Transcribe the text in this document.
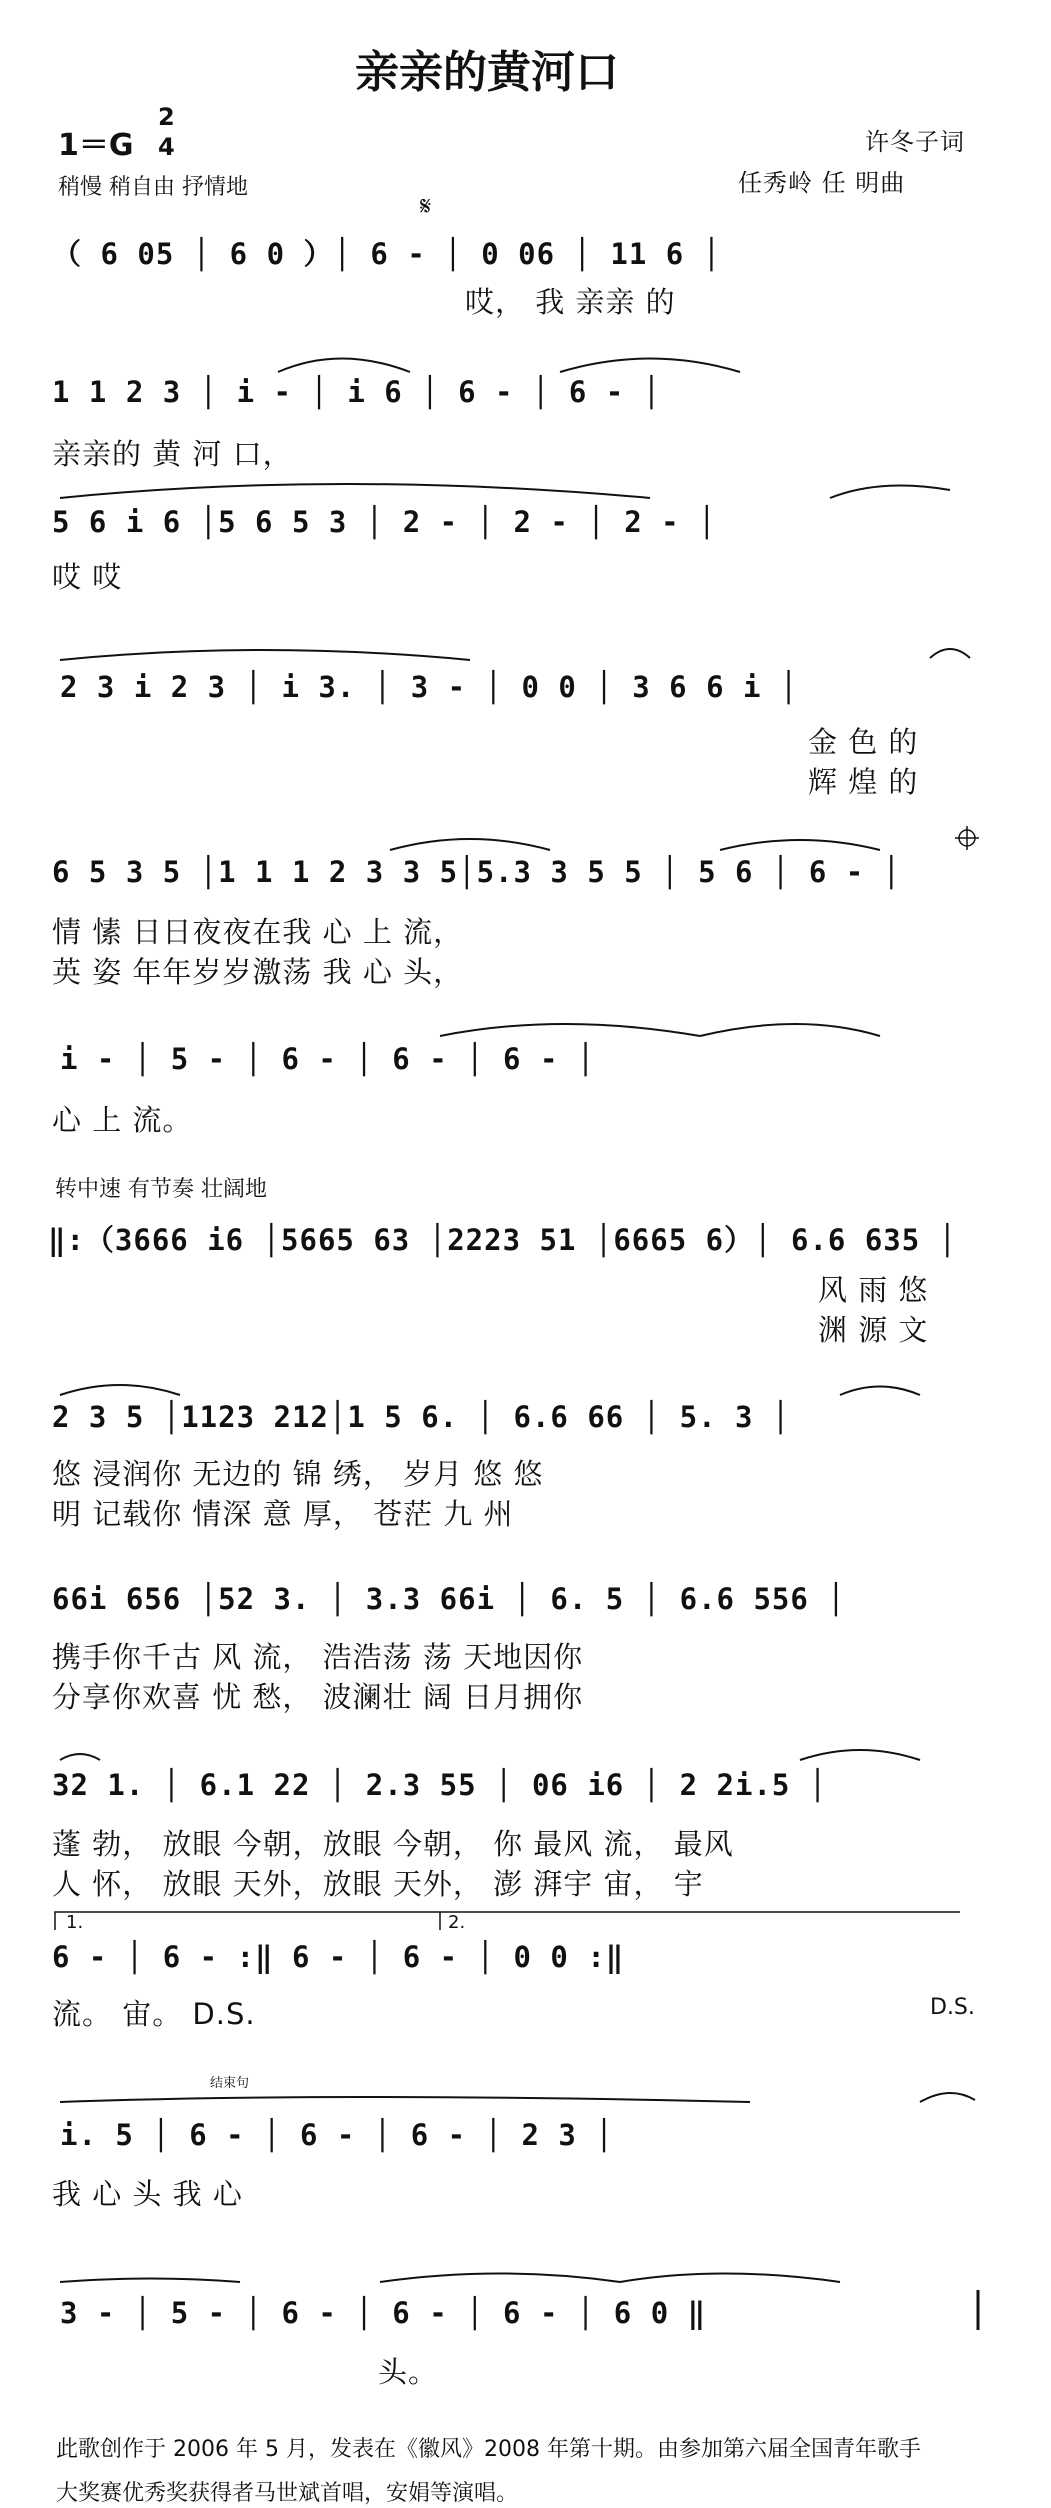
亲亲的黄河口
1＝G
2
4
稍慢 稍自由 抒情地
许冬子词
任秀岭 任 明曲
𝄋
（ 6 05 │ 6 0 ）│ 6 - │ 0 06 │ 11 6 │
哎， 我 亲亲 的
1 1 2 3 │ i - │ i 6 │ 6 - │ 6 - │
亲亲的 黄 河 口，
5 6 i 6 │5 6 5 3 │ 2 - │ 2 - │ 2 - │
哎 哎
2 3 i 2 3 │ i 3. │ 3 - │ 0 0 │ 3 6 6 i │
金 色 的
辉 煌 的
6 5 3 5 │1 1 1 2 3 3 5│5.3 3 5 5 │ 5 6 │ 6 - │
情 愫 日日夜夜在我 心 上 流，
英 姿 年年岁岁激荡 我 心 头，
i - │ 5 - │ 6 - │ 6 - │ 6 - │
心 上 流。
转中速 有节奏 壮阔地
‖:（3666 i6 │5665 63 │2223 51 │6665 6）│ 6.6 635 │
风 雨 悠
渊 源 文
2 3 5 │1123 212│1 5 6. │ 6.6 66 │ 5. 3 │
悠 浸润你 无边的 锦 绣， 岁月 悠 悠
明 记载你 情深 意 厚， 苍茫 九 州
66i 656 │52 3. │ 3.3 66i │ 6. 5 │ 6.6 556 │
携手你千古 风 流， 浩浩荡 荡 天地因你
分享你欢喜 忧 愁， 波澜壮 阔 日月拥你
32 1. │ 6.1 22 │ 2.3 55 │ 06 i6 │ 2 2i.5 │
蓬 勃， 放眼 今朝，放眼 今朝， 你 最风 流， 最风
人 怀， 放眼 天外，放眼 天外， 澎 湃宇 宙， 宇
1.	2.
6 - │ 6 - :‖ 6 - │ 6 - │ 0 0 :‖
流。 宙。 D.S.	D.S.
结束句
i. 5 │ 6 - │ 6 - │ 6 - │ 2 3 │
我 心 头 我 心
3 - │ 5 - │ 6 - │ 6 - │ 6 - │ 6 0 ‖
头。
此歌创作于 2006 年 5 月，发表在《徽风》2008 年第十期。由参加第六届全国青年歌手
大奖赛优秀奖获得者马世斌首唱，安娟等演唱。
